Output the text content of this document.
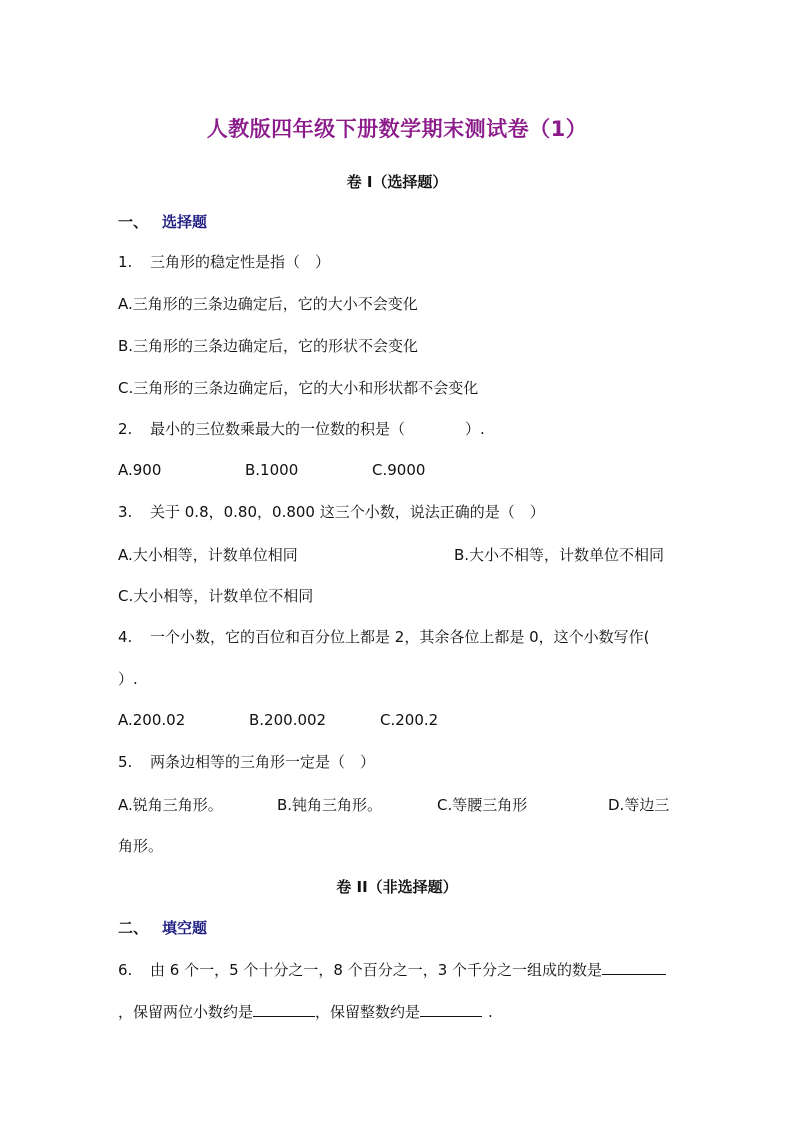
人教版四年级下册数学期末测试卷（1）
卷 I（选择题）
一、 选择题
1. 三角形的稳定性是指（　）
A.三角形的三条边确定后，它的大小不会变化
B.三角形的三条边确定后，它的形状不会变化
C.三角形的三条边确定后，它的大小和形状都不会变化
2. 最小的三位数乘最大的一位数的积是（　　　　）.
A.900	B.1000	C.9000
3. 关于 0.8，0.80，0.800 这三个小数，说法正确的是（　）
A.大小相等，计数单位相同	B.大小不相等，计数单位不相同
C.大小相等，计数单位不相同
4. 一个小数，它的百位和百分位上都是 2，其余各位上都是 0，这个小数写作(
）.
A.200.02	B.200.002	C.200.2
5. 两条边相等的三角形一定是（　）
A.锐角三角形。	B.钝角三角形。	C.等腰三角形	D.等边三
角形。
卷 II（非选择题）
二、 填空题
6. 由 6 个一，5 个十分之一，8 个百分之一，3 个千分之一组成的数是
，保留两位小数约是	，保留整数约是	.
